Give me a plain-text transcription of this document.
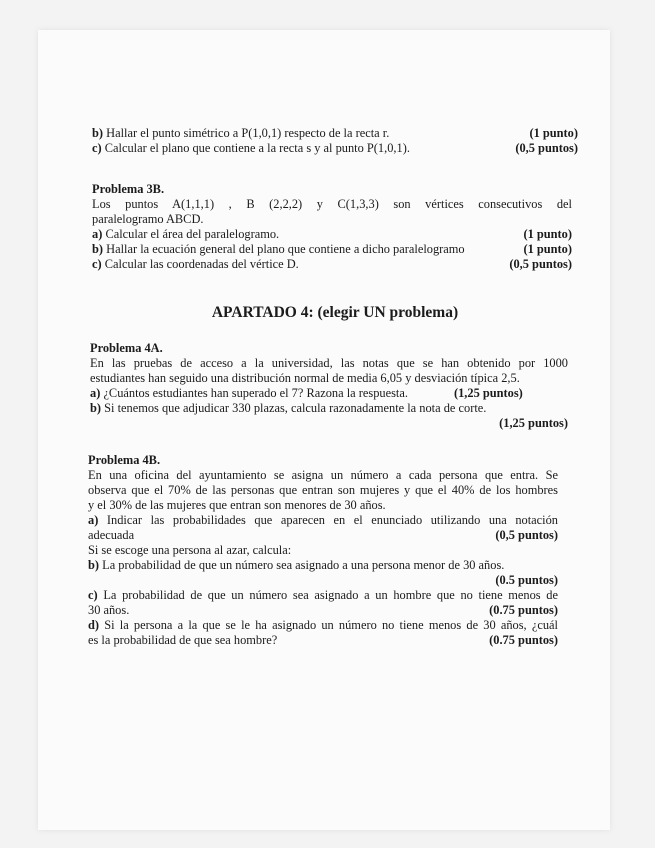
b) Hallar el punto simétrico a P(1,0,1) respecto de la recta r.	(1 punto)
c) Calcular el plano que contiene a la recta s y al punto P(1,0,1).	(0,5 puntos)
Problema 3B.
Los puntos A(1,1,1) , B (2,2,2) y C(1,3,3) son vértices consecutivos del
paralelogramo ABCD.
a) Calcular el área del paralelogramo.	(1 punto)
b) Hallar la ecuación general del plano que contiene a dicho paralelogramo	(1 punto)
c) Calcular las coordenadas del vértice D.	(0,5 puntos)
APARTADO 4: (elegir UN problema)
Problema 4A.
En las pruebas de acceso a la universidad, las notas que se han obtenido por 1000
estudiantes han seguido una distribución normal de media 6,05 y desviación típica 2,5.
a) ¿Cuántos estudiantes han superado el 7? Razona la respuesta.	(1,25 puntos)
b) Si tenemos que adjudicar 330 plazas, calcula razonadamente la nota de corte.
(1,25 puntos)
Problema 4B.
En una oficina del ayuntamiento se asigna un número a cada persona que entra. Se
observa que el 70% de las personas que entran son mujeres y que el 40% de los hombres
y el 30% de las mujeres que entran son menores de 30 años.
a) Indicar las probabilidades que aparecen en el enunciado utilizando una notación
adecuada	(0,5 puntos)
Si se escoge una persona al azar, calcula:
b) La probabilidad de que un número sea asignado a una persona menor de 30 años.
(0.5 puntos)
c) La probabilidad de que un número sea asignado a un hombre que no tiene menos de
30 años.	(0.75 puntos)
d) Si la persona a la que se le ha asignado un número no tiene menos de 30 años, ¿cuál
es la probabilidad de que sea hombre?	(0.75 puntos)
